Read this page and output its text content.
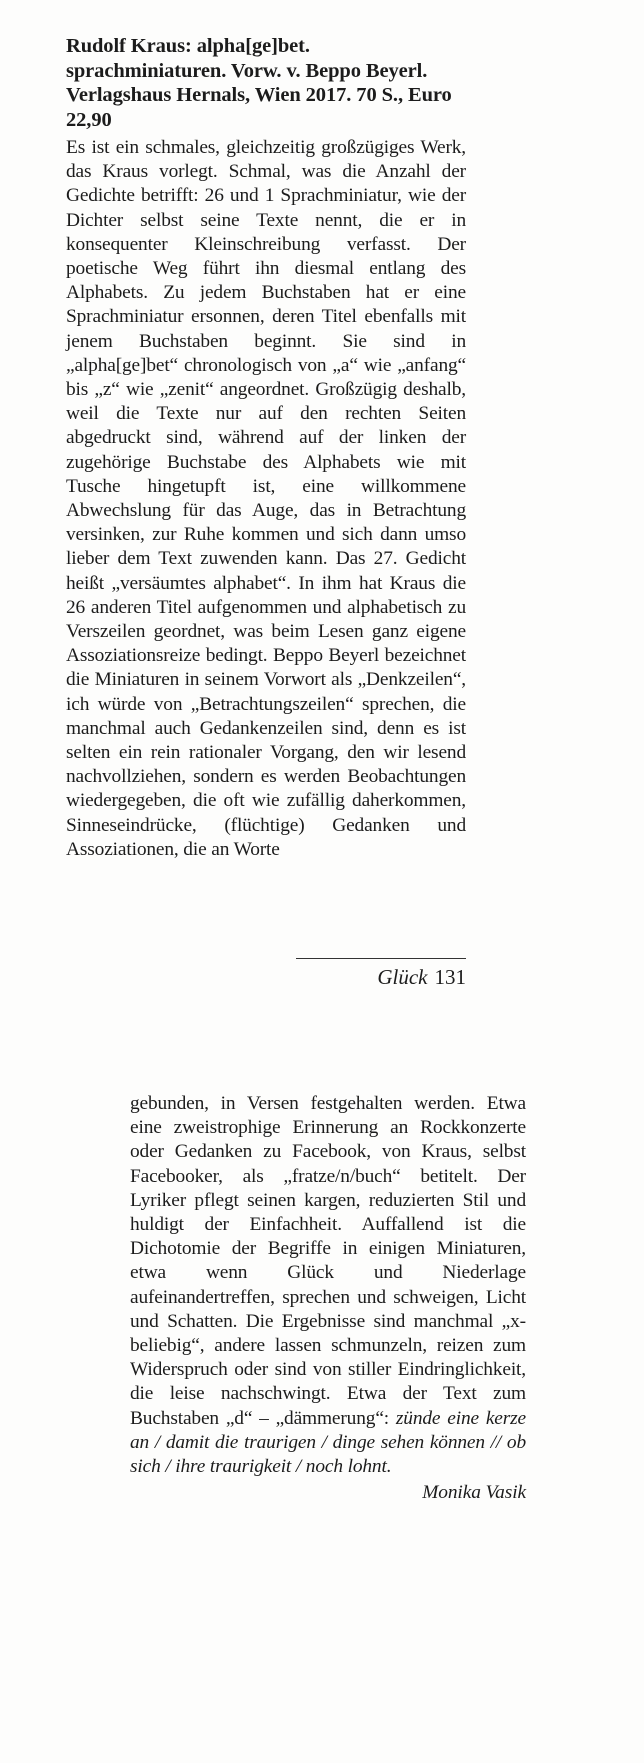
Rudolf Kraus: alpha[ge]bet. sprachminiaturen. Vorw. v. Beppo Beyerl. Verlagshaus Hernals, Wien 2017. 70 S., Euro 22,90

Es ist ein schmales, gleichzeitig großzügiges Werk, das Kraus vorlegt. Schmal, was die Anzahl der Gedichte betrifft: 26 und 1 Sprachminiatur, wie der Dichter selbst seine Texte nennt, die er in konsequenter Kleinschreibung verfasst. Der poetische Weg führt ihn diesmal entlang des Alphabets. Zu jedem Buchstaben hat er eine Sprachminiatur ersonnen, deren Titel ebenfalls mit jenem Buchstaben beginnt. Sie sind in „alpha[ge]bet“ chronologisch von „a“ wie „anfang“ bis „z“ wie „zenit“ angeordnet. Großzügig deshalb, weil die Texte nur auf den rechten Seiten abgedruckt sind, während auf der linken der zugehörige Buchstabe des Alphabets wie mit Tusche hingetupft ist, eine willkommene Abwechslung für das Auge, das in Betrachtung versinken, zur Ruhe kommen und sich dann umso lieber dem Text zuwenden kann. Das 27. Gedicht heißt „versäumtes alphabet“. In ihm hat Kraus die 26 anderen Titel aufgenommen und alphabetisch zu Verszeilen geordnet, was beim Lesen ganz eigene Assoziationsreize bedingt. Beppo Beyerl bezeichnet die Miniaturen in seinem Vorwort als „Denkzeilen“, ich würde von „Betrachtungszeilen“ sprechen, die manchmal auch Gedankenzeilen sind, denn es ist selten ein rein rationaler Vorgang, den wir lesend nachvollziehen, sondern es werden Beobachtungen wiedergegeben, die oft wie zufällig daherkommen, Sinneseindrücke, (flüchtige) Gedanken und Assoziationen, die an Worte

Glück 131

gebunden, in Versen festgehalten werden. Etwa eine zweistrophige Erinnerung an Rockkonzerte oder Gedanken zu Facebook, von Kraus, selbst Facebooker, als „fratze/n/buch“ betitelt. Der Lyriker pflegt seinen kargen, reduzierten Stil und huldigt der Einfachheit. Auffallend ist die Dichotomie der Begriffe in einigen Miniaturen, etwa wenn Glück und Niederlage aufeinandertreffen, sprechen und schweigen, Licht und Schatten. Die Ergebnisse sind manchmal „x-beliebig“, andere lassen schmunzeln, reizen zum Widerspruch oder sind von stiller Eindringlichkeit, die leise nachschwingt. Etwa der Text zum Buchstaben „d“ – „dämmerung“: zünde eine kerze an / damit die traurigen / dinge sehen können // ob sich / ihre traurigkeit / noch lohnt.

Monika Vasik
